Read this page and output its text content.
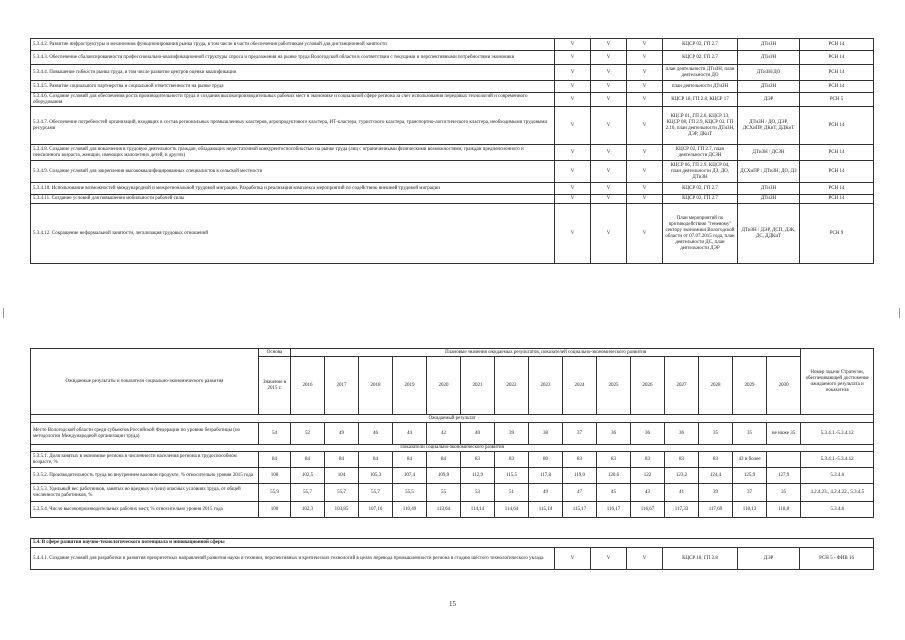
5.3.4.2. Развитие инфраструктуры и механизмов функционирования рынка труда, в том числе в части обеспечения работникам условий для дистанционной занятости	V	V	V	КЦСР 02, ГП 2.7	ДТиЗН	РСН 14
5.3.4.3. Обеспечение сбалансированности профессионально-квалификационной структуры спроса и предложения на рынке труда Вологодской области в соответствии с текущими и перспективными потребностями экономики	V	V	V	КЦСР 02, ГП 2.7	ДТиЗН	РСН 14
5.3.4.4. Повышение гибкости рынка труда, в том числе развитие центров оценки квалификации	V	V	V	план деятельности ДТиЗН, план деятельности ДО	ДТиЗН/ДО	РСН 14
5.3.4.5. Развитие социального партнерства и социальной ответственности на рынке труда	V	V	V	план деятельности ДТиЗН	ДТиЗН	РСН 14
5.3.4.6. Создание условий для обеспечения роста производительности труда и создания высокопроизводительных рабочих мест в экономике и социальной сфере региона за счет использования передовых технологий и современного оборудования	V	V	V	КЦСР 18, ГП 2.8, КЦСР 17	ДЭР	РСН 5
5.3.4.7. Обеспечение потребностей организаций, входящих в состав региональных промышленных кластеров, агропродуктового кластера, ИТ-кластера, туристского кластера, транспортно-логистического кластера, необходимыми трудовыми ресурсами	V	V	V	КЦСР 01, ГП 2.6, КЦСР 13, КЦСР 08, ГП 2.9, КЦСР 03, ГП 2.10, план деятельности ДТиЗН, ДЭР, ДКиТ	ДТиЗН / ДО, ДЭР, ДСХиПР, ДКиТ, ДДКиТ	РСН 14
5.3.4.8. Создание условий для вовлечения в трудовую деятельность граждан, обладающих недостаточной конкурентоспособностью на рынке труда (лиц с ограниченными физическими возможностями, граждан предпенсионного и пенсионного возраста, женщин, имеющих малолетних детей, и других)	V	V	V	КЦСР 02, ГП 2.7, план деятельности ДСЗН	ДТиЗН / ДСЗН	РСН 14
5.3.4.9. Создание условий для закрепления высококвалифицированных специалистов в сельской местности	V	V	V	КЦСР 06, ГП 2.9, КЦСР 04, план деятельности ДЗ, ДО, ДТиЗН	ДСХиПР / ДТиЗН, ДО, ДЗ	РСН 14
5.3.4.10. Использование возможностей международной и межрегиональной трудовой миграции. Разработка и реализация комплекса мероприятий по содействию внешней трудовой миграции	V	V	V	КЦСР 02, ГП 2.7	ДТиЗН	РСН 14
5.3.4.11. Создание условий для повышения мобильности рабочей силы	V	V	V	КЦСР 02, ГП 2.7	ДТиЗН	РСН 14
5.3.4.12. Сокращение неформальной занятости, легализация трудовых отношений	V	V	V	План мероприятий по противодействию "теневому" сектору экономики Вологодской области от 07.07.2015 года, план деятельности ДС, план деятельности ДЭР	ДТиЗН / ДЭР, ДСП, ДЗК, ДС, ДДКиТ	РСН 9
Ожидаемые результаты и показатели социально-экономического развития	Основа	Плановые значения ожидаемых результатов, показателей социально-экономического развития															Номер задачи Стратегии, обеспечивающей достижение ожидаемого результата и показателя
	Значение в 2015 г.	2016	2017	2018	2019	2020	2021	2022	2023	2024	2025	2026	2027	2028	2029	2030	
Ожидаемый результат																	
Место Вологодской области среди субъектов Российской Федерации по уровню безработицы (по методологии Международной организации труда)	54	52	49	46	44	42	40	39	38	37	36	36	36	35	35	не ниже 35	5.3.4.1.-5.3.4.12
Показатели социально-экономического развития																	
5.3.5.1. Доля занятых в экономике региона в численности населения региона в трудоспособном возрасте, %	84	84	84	84	84	84	83	83	80	83	83	83	83	83	43 и более		5.3.4.1.-5.3.4.12
5.3.5.2. Производительность труда во внутреннем валовом продукте, % относительно уровня 2015 года	100	102,5	104	105,3	107,4	109,9	112,9	115,5	117,8	119,0	120,6	122	123,2	124,4	125,9	127,9	5.3.4.6
5.3.5.3. Удельный вес работников, занятых во вредных и (или) опасных условиях труда, от общей численности работников, %	55,9	55,7	55,7	55,7	55,5	55	53	51	49	47	45	43	41	39	37	35	4.2.4.23., 4.2.4.22., 5.3.4.5
5.3.5.4. Число высокопроизводительных рабочих мест, % относительно уровня 2015 года	100	102,3	103,85	107,16	110,49	113,64	114,14	114,64	115,14	115,17	116,17	116,67	117,33	117,69	118,13	118,8	5.3.4.6
5.4. В сфере развития научно-технологического потенциала и инновационной сферы
5.4.4.1. Создание условий для разработки и развития приоритетных направлений развития науки и техники, перспективных и критических технологий в целях перевода промышленности региона в стадию шестого технологического уклада	V	V	V	КЦСР 18, ГП 2.8	ДЭР	РСН 5 - ФИВ 16
15
